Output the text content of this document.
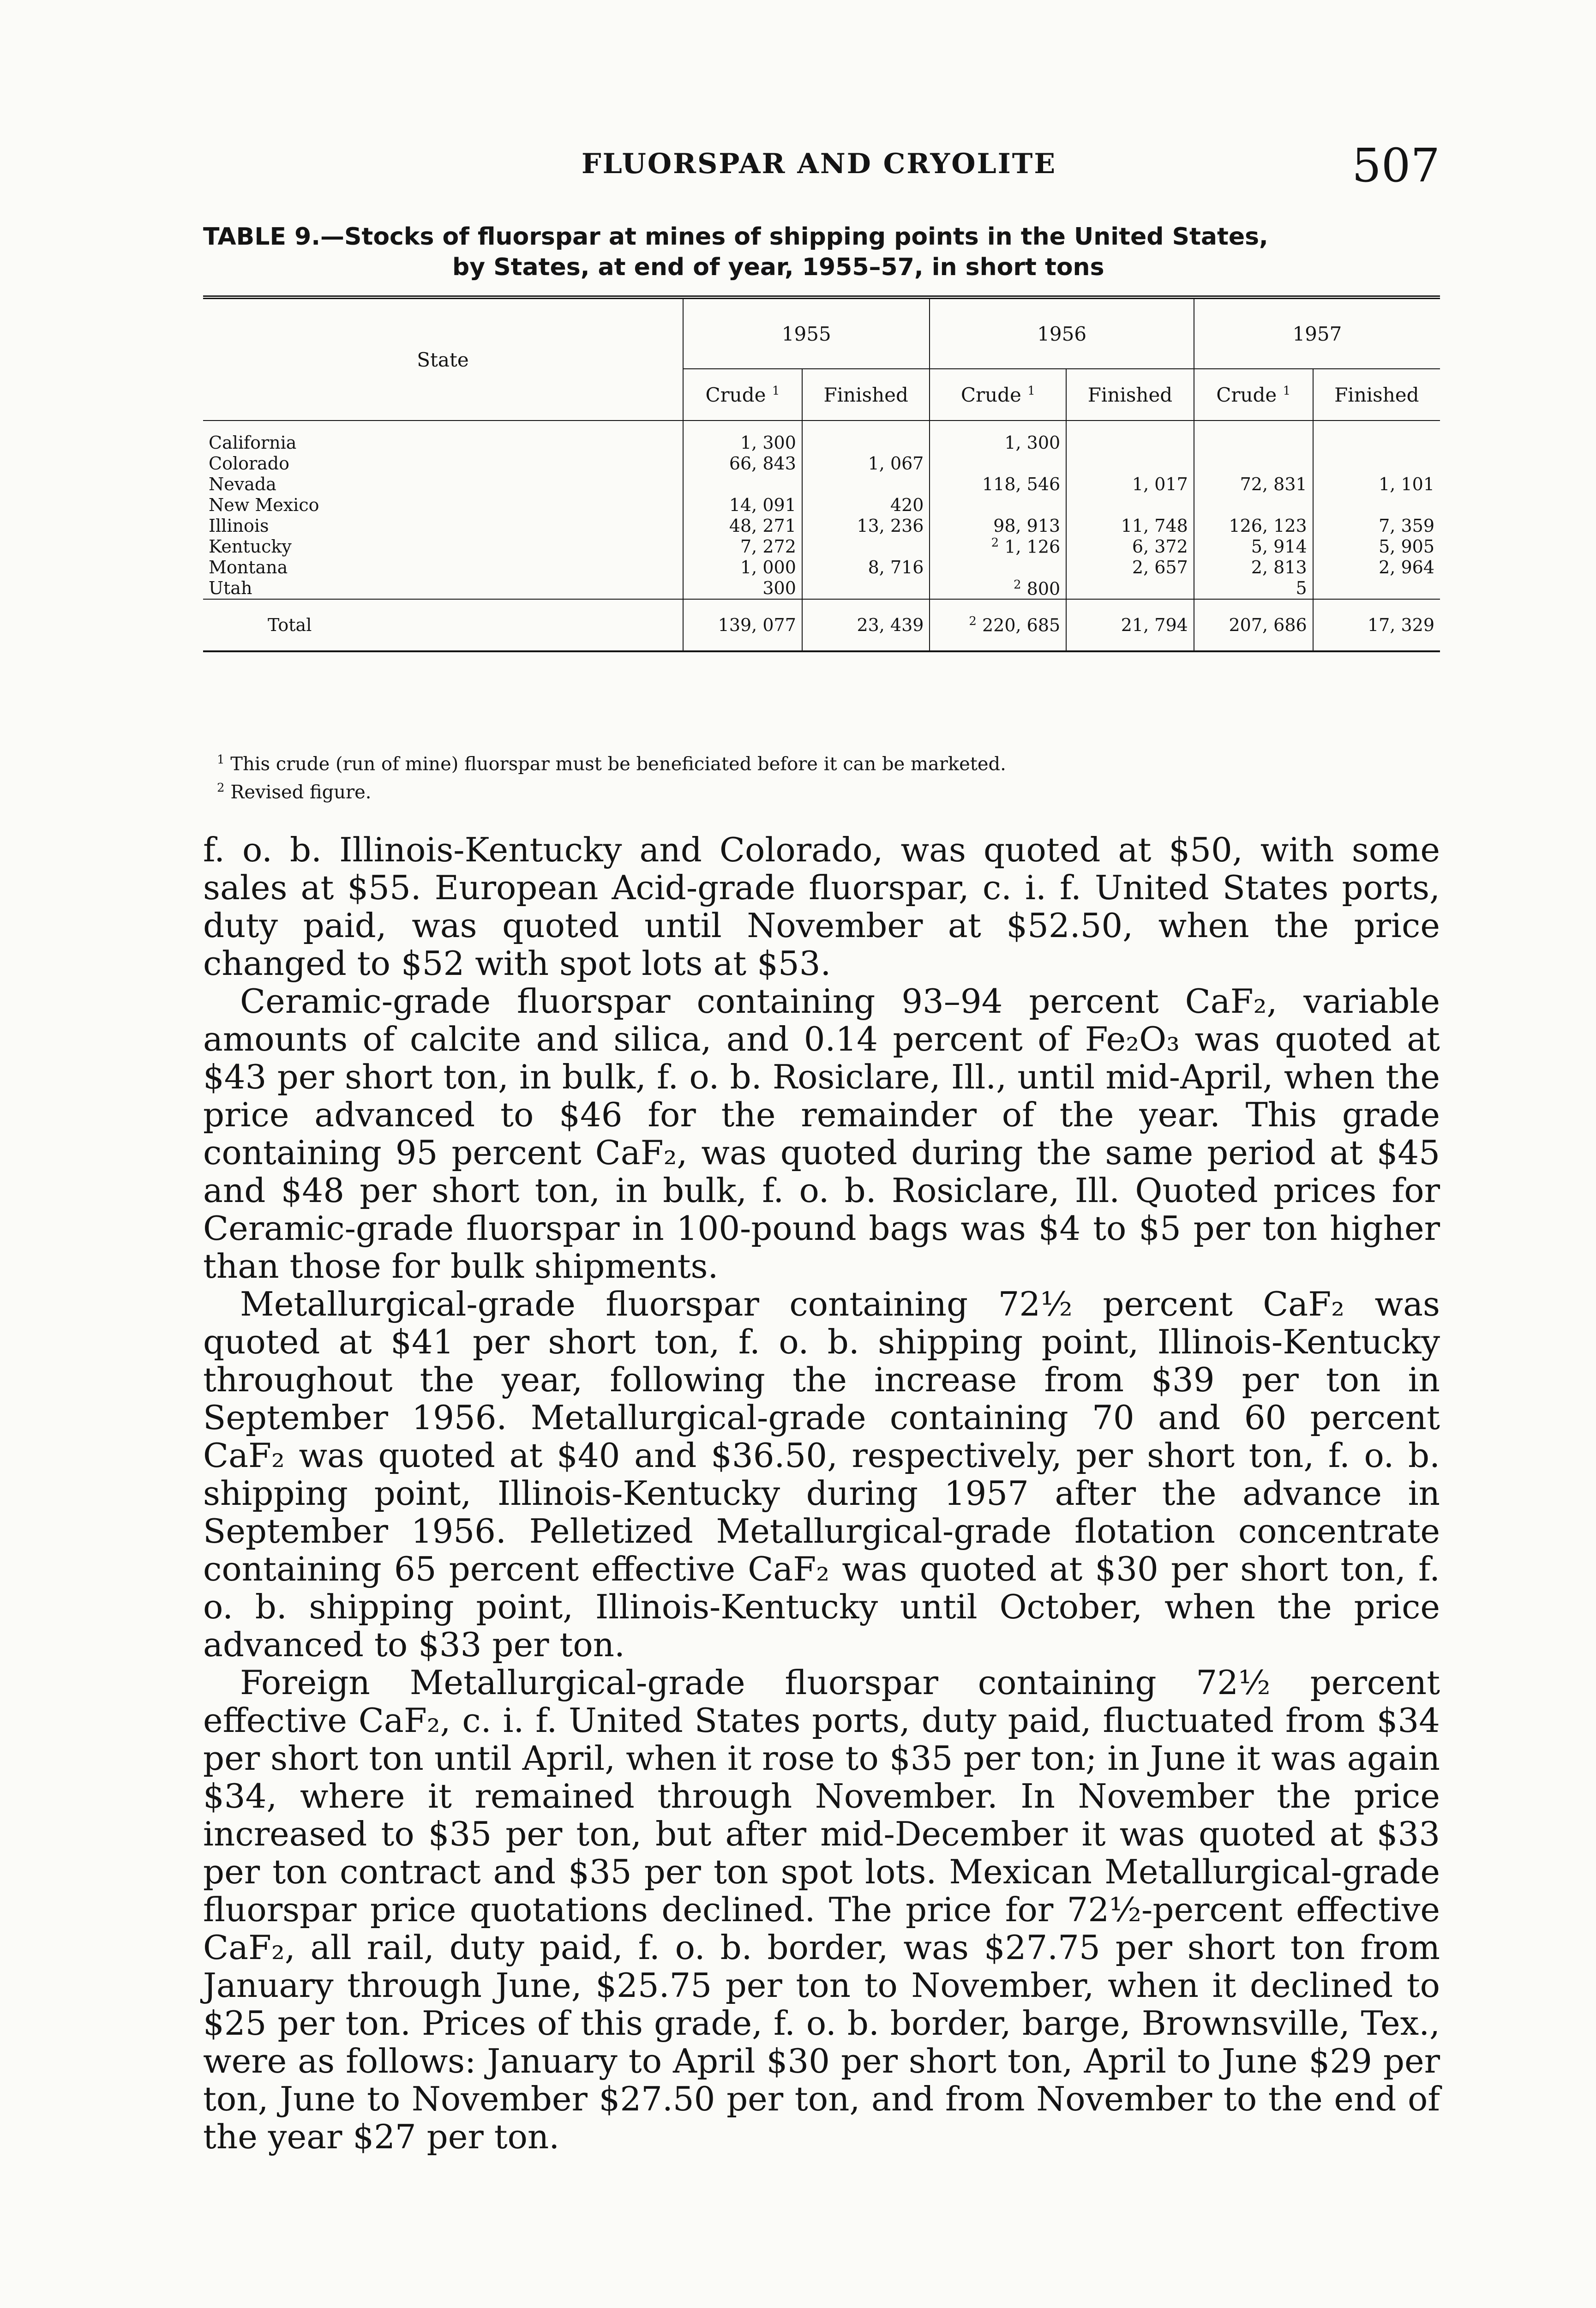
FLUORSPAR AND CRYOLITE	507
TABLE 9.—Stocks of fluorspar at mines of shipping points in the United States,
by States, at end of year, 1955–57, in short tons
State	1955		1956		1957	
	Crude $^1$	Finished	Crude $^1$	Finished	Crude $^1$	Finished
California	1, 300		1, 300			
Colorado	66, 843	1, 067				
Nevada			118, 546	1, 017	72, 831	1, 101
New Mexico	14, 091	420				
Illinois	48, 271	13, 236	98, 913	11, 748	126, 123	7, 359
Kentucky	7, 272		$^2$ 1, 126	6, 372	5, 914	5, 905
Montana	1, 000	8, 716		2, 657	2, 813	2, 964
Utah	300		$^2$ 800		5	
Total	139, 077	23, 439	$^2$ 220, 685	21, 794	207, 686	17, 329

$^1$ This crude (run of mine) fluorspar must be beneficiated before it can be marketed.

$^2$ Revised figure.

f. o. b. Illinois-Kentucky and Colorado, was quoted at $50, with some sales at $55. European Acid-grade fluorspar, c. i. f. United States ports, duty paid, was quoted until November at $52.50, when the price changed to $52 with spot lots at $53.

Ceramic-grade fluorspar containing 93–94 percent CaF₂, variable amounts of calcite and silica, and 0.14 percent of Fe₂O₃ was quoted at $43 per short ton, in bulk, f. o. b. Rosiclare, Ill., until mid-April, when the price advanced to $46 for the remainder of the year. This grade containing 95 percent CaF₂, was quoted during the same period at $45 and $48 per short ton, in bulk, f. o. b. Rosiclare, Ill. Quoted prices for Ceramic-grade fluorspar in 100-pound bags was $4 to $5 per ton higher than those for bulk shipments.

Metallurgical-grade fluorspar containing 72½ percent CaF₂ was quoted at $41 per short ton, f. o. b. shipping point, Illinois-Kentucky throughout the year, following the increase from $39 per ton in September 1956. Metallurgical-grade containing 70 and 60 percent CaF₂ was quoted at $40 and $36.50, respectively, per short ton, f. o. b. shipping point, Illinois-Kentucky during 1957 after the advance in September 1956. Pelletized Metallurgical-grade flotation concentrate containing 65 percent effective CaF₂ was quoted at $30 per short ton, f. o. b. shipping point, Illinois-Kentucky until October, when the price advanced to $33 per ton.

Foreign Metallurgical-grade fluorspar containing 72½ percent effective CaF₂, c. i. f. United States ports, duty paid, fluctuated from $34 per short ton until April, when it rose to $35 per ton; in June it was again $34, where it remained through November. In November the price increased to $35 per ton, but after mid-December it was quoted at $33 per ton contract and $35 per ton spot lots. Mexican Metallurgical-grade fluorspar price quotations declined. The price for 72½-percent effective CaF₂, all rail, duty paid, f. o. b. border, was $27.75 per short ton from January through June, $25.75 per ton to November, when it declined to $25 per ton. Prices of this grade, f. o. b. border, barge, Brownsville, Tex., were as follows: January to April $30 per short ton, April to June $29 per ton, June to November $27.50 per ton, and from November to the end of the year $27 per ton.
